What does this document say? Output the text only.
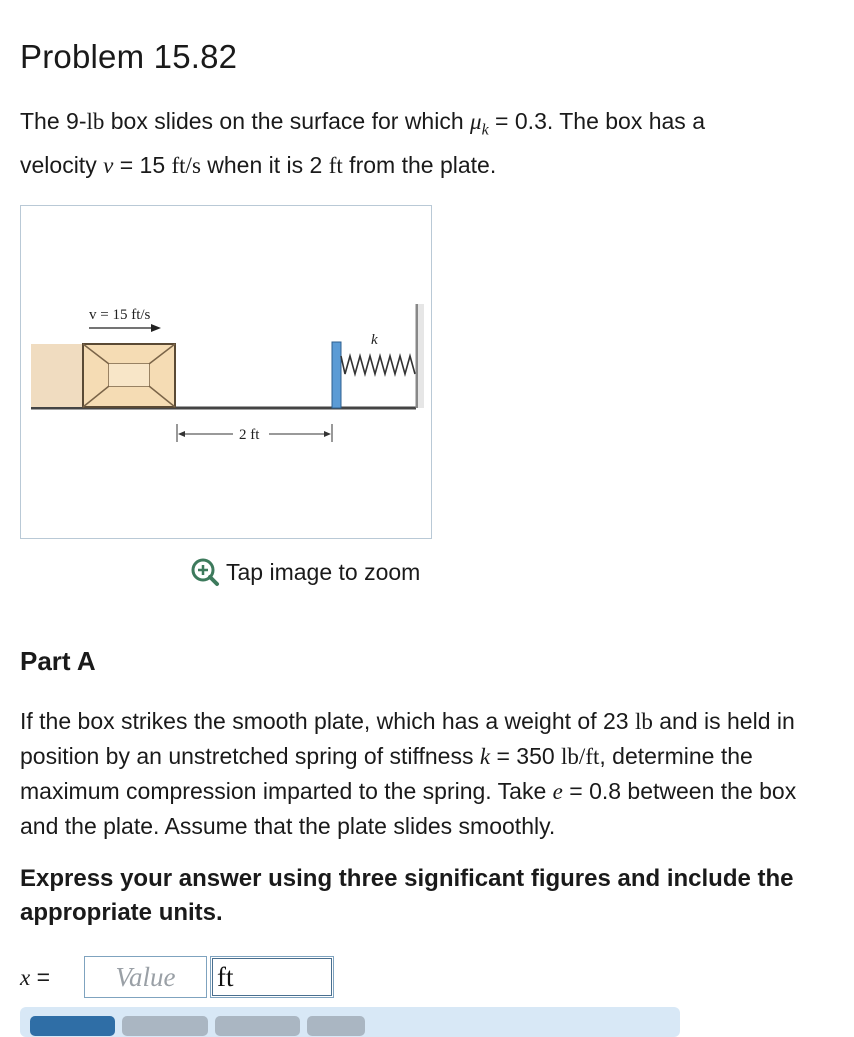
Problem 15.82

The 9-lb box slides on the surface for which $\mu_k = 0.3$. The box has a
velocity v = 15 ft/s when it is 2 ft from the plate.

v = 15 ft/s
k
2 ft
Tap image to zoom
Part A

If the box strikes the smooth plate, which has a weight of 23 lb and is held in position by an unstretched spring of stiffness k = 350 lb/ft, determine the maximum compression imparted to the spring. Take e = 0.8 between the box and the plate. Assume that the plate slides smoothly.

Express your answer using three significant figures and include the appropriate units.

x =
Value
ft
